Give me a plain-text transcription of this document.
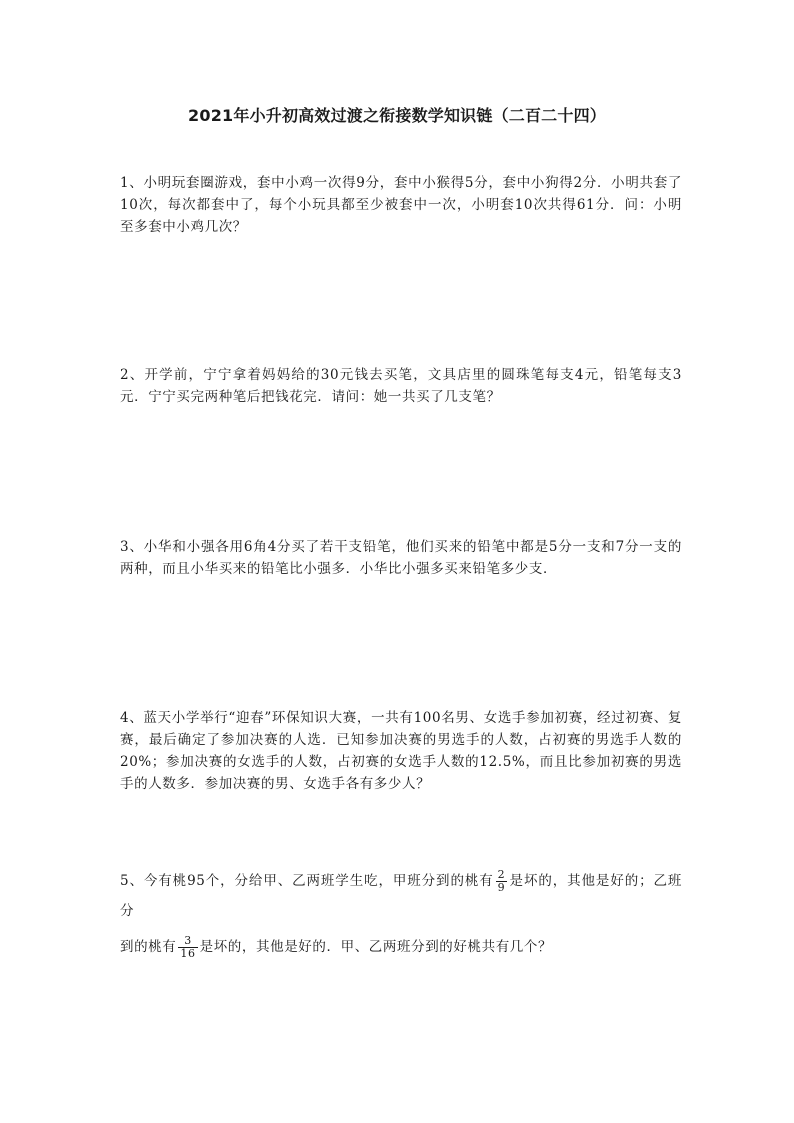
2021年小升初高效过渡之衔接数学知识链（二百二十四）

1、小明玩套圈游戏，套中小鸡一次得9分，套中小猴得5分，套中小狗得2分．小明共套了10次，每次都套中了，每个小玩具都至少被套中一次，小明套10次共得61分．问：小明至多套中小鸡几次？

2、开学前，宁宁拿着妈妈给的30元钱去买笔，文具店里的圆珠笔每支4元，铅笔每支3元．宁宁买完两种笔后把钱花完．请问：她一共买了几支笔？

3、小华和小强各用6角4分买了若干支铅笔，他们买来的铅笔中都是5分一支和7分一支的两种，而且小华买来的铅笔比小强多．小华比小强多买来铅笔多少支．

4、蓝天小学举行“迎春”环保知识大赛，一共有100名男、女选手参加初赛，经过初赛、复赛，最后确定了参加决赛的人选．已知参加决赛的男选手的人数，占初赛的男选手人数的20%；参加决赛的女选手的人数，占初赛的女选手人数的12.5%，而且比参加初赛的男选手的人数多．参加决赛的男、女选手各有多少人？

5、今有桃95个，分给甲、乙两班学生吃，甲班分到的桃有 $\frac{2}{9}$ 是坏的，其他是好的；乙班分
到的桃有 $\frac{3}{16}$ 是坏的，其他是好的．甲、乙两班分到的好桃共有几个？
